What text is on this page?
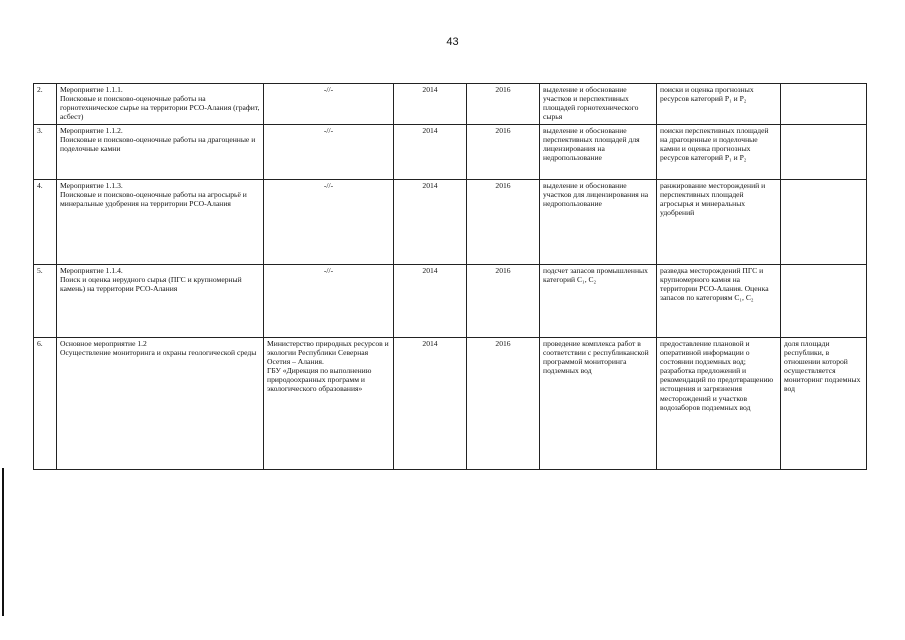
43
2.	Мероприятие 1.1.1.
Поисковые и поисково-оценочные работы на горнотехническое сырье на территории РСО-Алания (графит, асбест)	-//-	2014	2016	выделение и обоснование участков и перспективных площадей горнотехнического сырья	поиски и оценка прогнозных ресурсов категорий P₁ и P₂	
3.	Мероприятие 1.1.2.
Поисковые и поисково-оценочные работы на драгоценные и поделочные камни	-//-	2014	2016	выделение и обоснование перспективных площадей для лицензирования на недропользование	поиски перспективных площадей на драгоценные и поделочные камни и оценка прогнозных ресурсов категорий P₁ и P₂	
4.	Мероприятие 1.1.3.
Поисковые и поисково-оценочные работы на агросырьё и минеральные удобрения на территории РСО-Алания	-//-	2014	2016	выделение и обоснование участков для лицензирования на недропользование	ранжирование месторождений и перспективных площадей агросырья и минеральных удобрений	
5.	Мероприятие 1.1.4.
Поиск и оценка нерудного сырья (ПГС и крупномерный камень) на территории РСО-Алания	-//-	2014	2016	подсчет запасов промышленных категорий C₁, C₂	разведка месторождений ПГС и крупномерного камня на территории РСО-Алания. Оценка запасов по категориям C₁, C₂	
6.	Основное мероприятие 1.2
Осуществление мониторинга и охраны геологической среды	Министерство природных ресурсов и экологии Республики Северная Осетия – Алания.
ГБУ «Дирекция по выполнению природоохранных программ и экологического образования»	2014	2016	проведение комплекса работ в соответствии с республиканской программой мониторинга подземных вод	предоставление плановой и оперативной информации о состоянии подземных вод; разработка предложений и рекомендаций по предотвращению истощения и загрязнения месторождений и участков водозаборов подземных вод	доля площади республики, в отношении которой осуществляется мониторинг подземных вод
